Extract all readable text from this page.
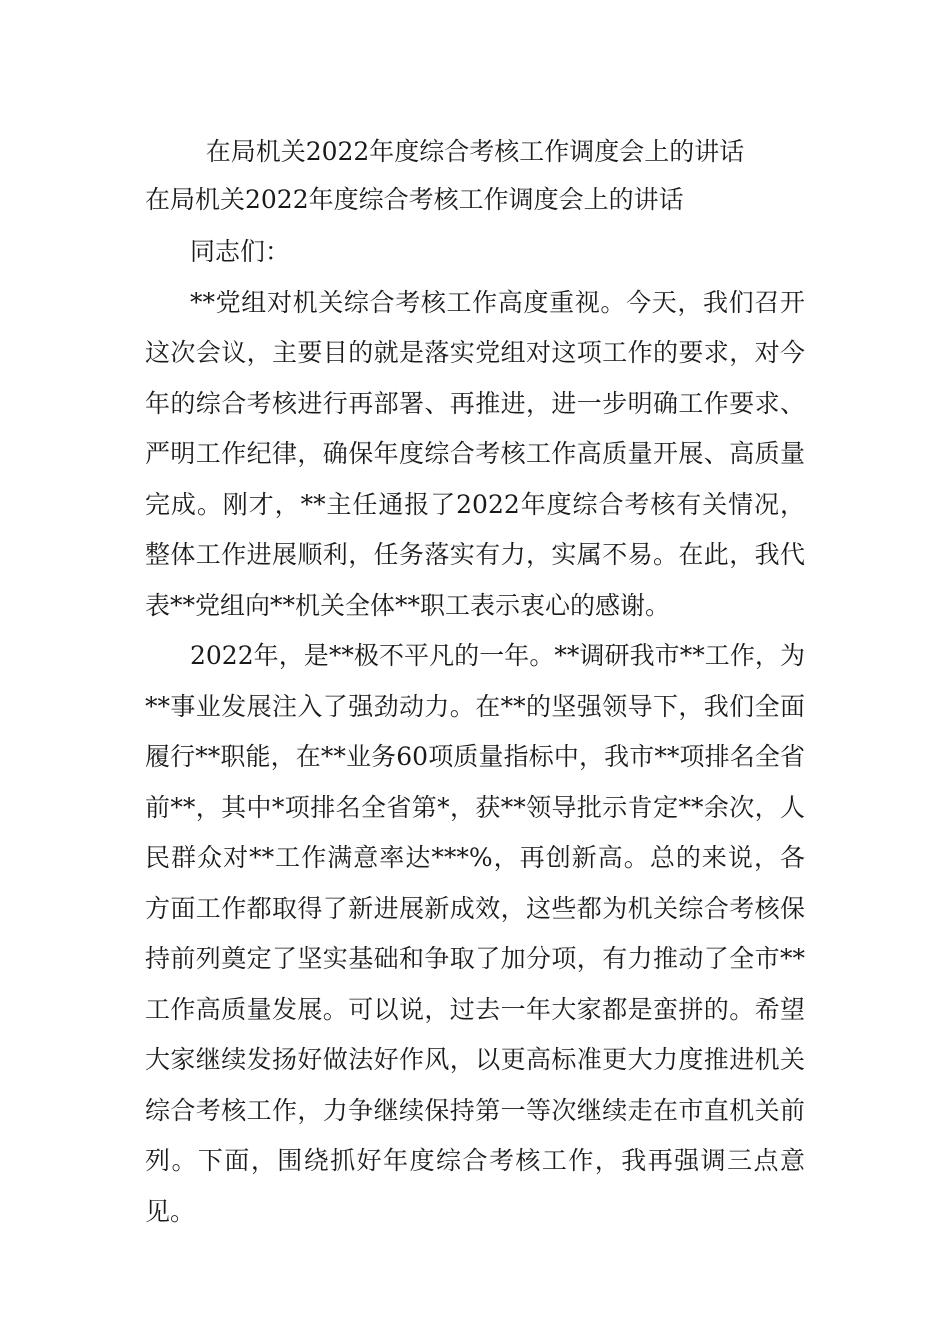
在局机关2022年度综合考核工作调度会上的讲话
在局机关2022年度综合考核工作调度会上的讲话

同志们：

**党组对机关综合考核工作高度重视。今天，我们召开这次会议，主要目的就是落实党组对这项工作的要求，对今年的综合考核进行再部署、再推进，进一步明确工作要求、严明工作纪律，确保年度综合考核工作高质量开展、高质量完成。刚才，**主任通报了2022年度综合考核有关情况，整体工作进展顺利，任务落实有力，实属不易。在此，我代表**党组向**机关全体**职工表示衷心的感谢。

2022年，是**极不平凡的一年。**调研我市**工作，为**事业发展注入了强劲动力。在**的坚强领导下，我们全面履行**职能，在**业务60项质量指标中，我市**项排名全省前**，其中*项排名全省第*，获**领导批示肯定**余次，人民群众对**工作满意率达***%，再创新高。总的来说，各方面工作都取得了新进展新成效，这些都为机关综合考核保持前列奠定了坚实基础和争取了加分项，有力推动了全市**工作高质量发展。可以说，过去一年大家都是蛮拼的。希望大家继续发扬好做法好作风，以更高标准更大力度推进机关综合考核工作，力争继续保持第一等次继续走在市直机关前列。下面，围绕抓好年度综合考核工作，我再强调三点意见。
